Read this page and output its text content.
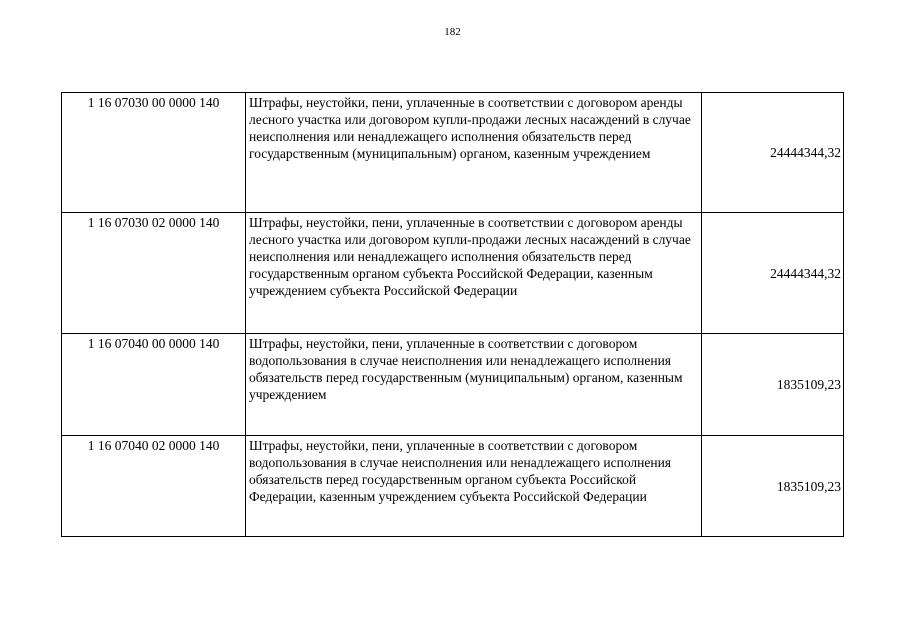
182
1 16 07030 00 0000 140	Штрафы, неустойки, пени, уплаченные в соответствии с договором аренды лесного участка или договором купли-продажи лесных насаждений в случае неисполнения или ненадлежащего исполнения обязательств перед государственным (муниципальным) органом, казенным учреждением	24444344,32
1 16 07030 02 0000 140	Штрафы, неустойки, пени, уплаченные в соответствии с договором аренды лесного участка или договором купли-продажи лесных насаждений в случае неисполнения или ненадлежащего исполнения обязательств перед государственным органом субъекта Российской Федерации, казенным учреждением субъекта Российской Федерации	24444344,32
1 16 07040 00 0000 140	Штрафы, неустойки, пени, уплаченные в соответствии с договором водопользования в случае неисполнения или ненадлежащего исполнения обязательств перед государственным (муниципальным) органом, казенным учреждением	1835109,23
1 16 07040 02 0000 140	Штрафы, неустойки, пени, уплаченные в соответствии с договором водопользования в случае неисполнения или ненадлежащего исполнения обязательств перед государственным органом субъекта Российской Федерации, казенным учреждением субъекта Российской Федерации	1835109,23
